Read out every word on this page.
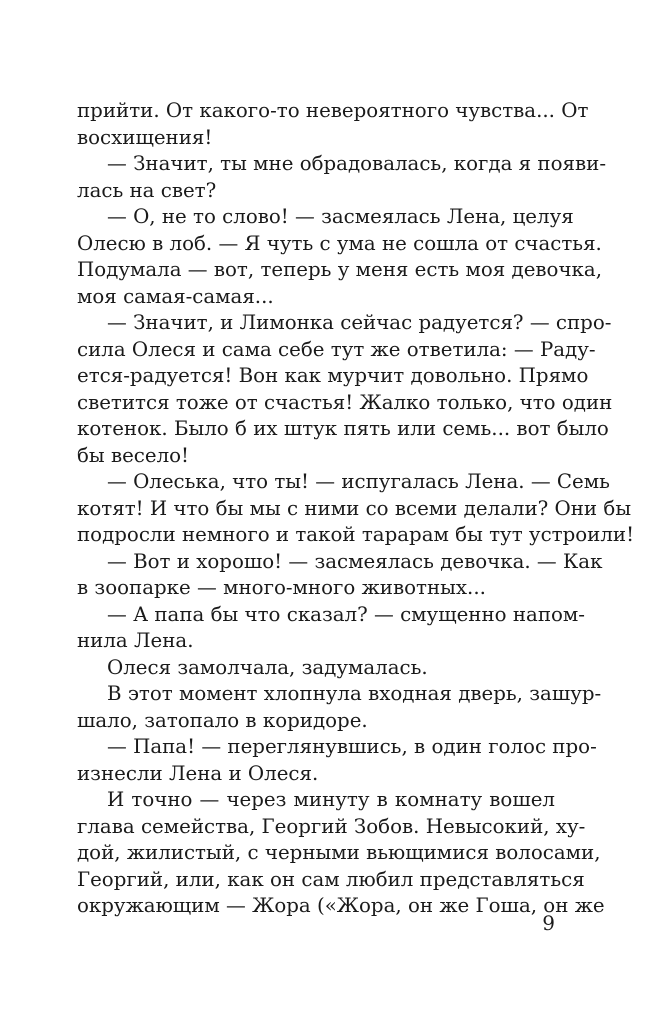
прийти. От какого-то невероятного чувства... От
восхищения!
— Значит, ты мне обрадовалась, когда я появи-
лась на свет?
— О, не то слово! — засмеялась Лена, целуя
Олесю в лоб. — Я чуть с ума не сошла от счастья.
Подумала — вот, теперь у меня есть моя девочка,
моя самая-самая...
— Значит, и Лимонка сейчас радуется? — спро-
сила Олеся и сама себе тут же ответила: — Раду-
ется-радуется! Вон как мурчит довольно. Прямо
светится тоже от счастья! Жалко только, что один
котенок. Было б их штук пять или семь... вот было
бы весело!
— Олеська, что ты! — испугалась Лена. — Семь
котят! И что бы мы с ними со всеми делали? Они бы
подросли немного и такой тарарам бы тут устроили!
— Вот и хорошо! — засмеялась девочка. — Как
в зоопарке — много-много животных...
— А папа бы что сказал? — смущенно напом-
нила Лена.
Олеся замолчала, задумалась.
В этот момент хлопнула входная дверь, зашур-
шало, затопало в коридоре.
— Папа! — переглянувшись, в один голос про-
изнесли Лена и Олеся.
И точно — через минуту в комнату вошел
глава семейства, Георгий Зобов. Невысокий, ху-
дой, жилистый, с черными вьющимися волосами,
Георгий, или, как он сам любил представляться
окружающим — Жора («Жора, он же Гоша, он же
9
